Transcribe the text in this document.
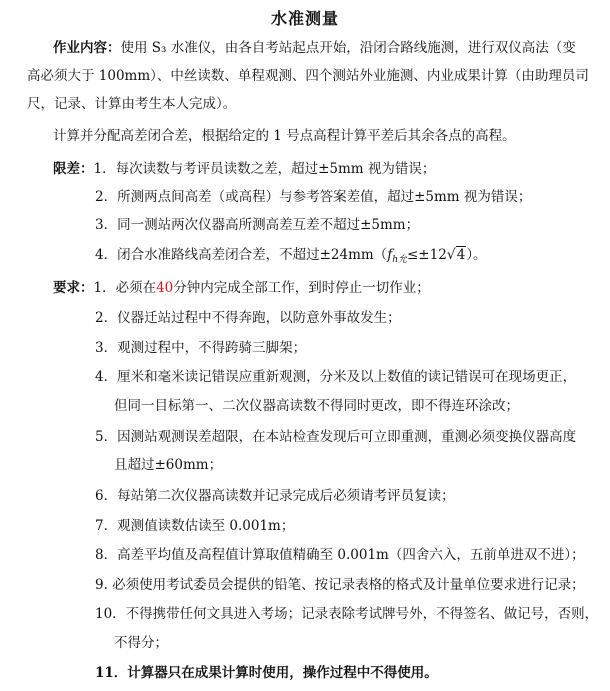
水准测量
作业内容：使用 S₃ 水准仪，由各自考站起点开始，沿闭合路线施测，进行双仪高法（变
高必须大于 100mm）、中丝读数、单程观测、四个测站外业施测、内业成果计算（由助理员司
尺，记录、计算由考生本人完成）。
计算并分配高差闭合差，根据给定的 1 号点高程计算平差后其余各点的高程。
限差：1．每次读数与考评员读数之差，超过±5mm 视为错误；
2．所测两点间高差（或高程）与参考答案差值，超过±5mm 视为错误；
3．同一测站两次仪器高所测高差互差不超过±5mm；
4．闭合水准路线高差闭合差，不超过$\pm 24mm(f_{h允}\le\pm 12√4)$。
要求：1．必须在40分钟内完成全部工作，到时停止一切作业；
2．仪器迁站过程中不得奔跑，以防意外事故发生；
3．观测过程中，不得跨骑三脚架；
4．厘米和毫米读记错误应重新观测，分米及以上数值的读记错误可在现场更正，
但同一目标第一、二次仪器高读数不得同时更改，即不得连环涂改；
5．因测站观测误差超限，在本站检查发现后可立即重测，重测必须变换仪器高度
且超过±60mm；
6．每站第二次仪器高读数并记录完成后必须请考评员复读；
7．观测值读数估读至 0.001m；
8．高差平均值及高程值计算取值精确至 0.001m（四舍六入，五前单进双不进）；
9. 必须使用考试委员会提供的铅笔、按记录表格的格式及计量单位要求进行记录；
10．不得携带任何文具进入考场；记录表除考试牌号外，不得签名、做记号，否则，
不得分；
11．计算器只在成果计算时使用，操作过程中不得使用。
